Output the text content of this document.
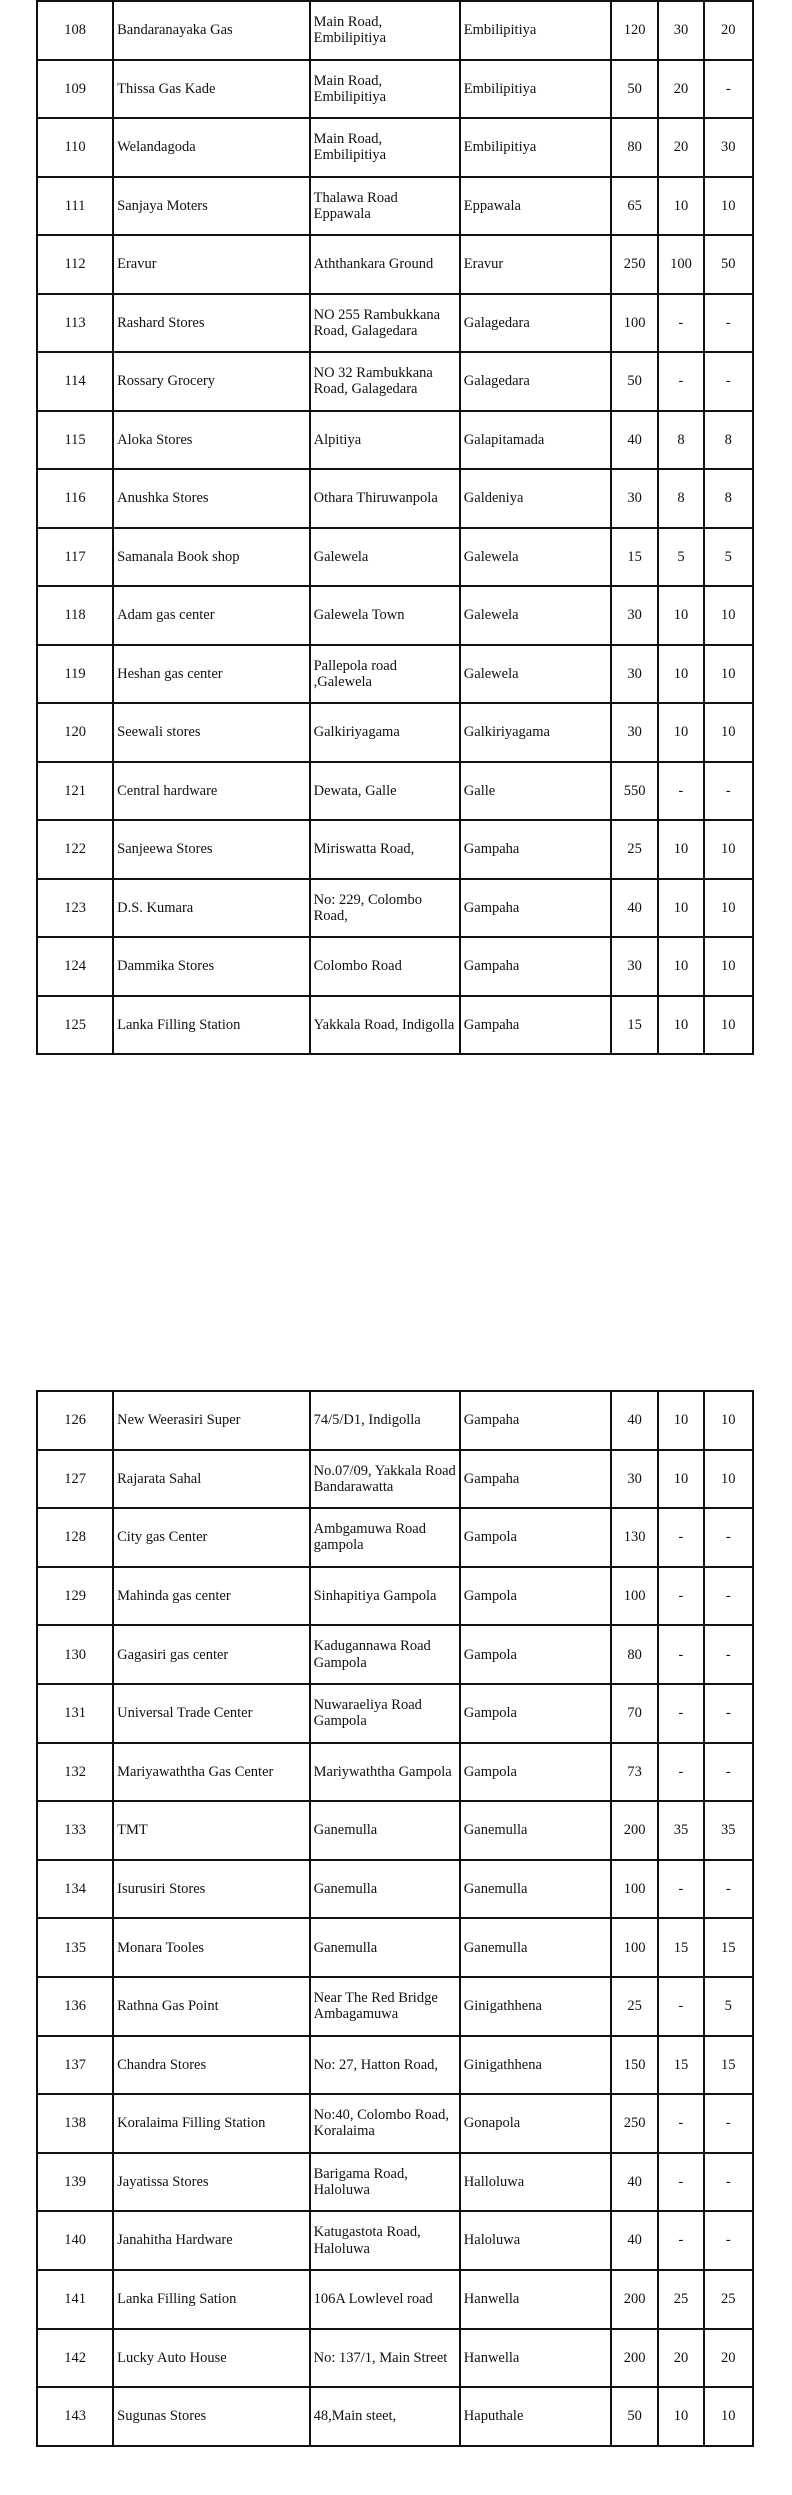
108	Bandaranayaka Gas	Main Road, Embilipitiya	Embilipitiya	120	30	20
109	Thissa Gas Kade	Main Road, Embilipitiya	Embilipitiya	50	20	-
110	Welandagoda	Main Road, Embilipitiya	Embilipitiya	80	20	30
111	Sanjaya Moters	Thalawa Road Eppawala	Eppawala	65	10	10
112	Eravur	Aththankara Ground	Eravur	250	100	50
113	Rashard Stores	NO 255 Rambukkana Road, Galagedara	Galagedara	100	-	-
114	Rossary Grocery	NO 32 Rambukkana Road, Galagedara	Galagedara	50	-	-
115	Aloka Stores	Alpitiya	Galapitamada	40	8	8
116	Anushka Stores	Othara Thiruwanpola	Galdeniya	30	8	8
117	Samanala Book shop	Galewela	Galewela	15	5	5
118	Adam gas center	Galewela Town	Galewela	30	10	10
119	Heshan gas center	Pallepola road ,Galewela	Galewela	30	10	10
120	Seewali stores	Galkiriyagama	Galkiriyagama	30	10	10
121	Central hardware	Dewata, Galle	Galle	550	-	-
122	Sanjeewa Stores	Miriswatta Road,	Gampaha	25	10	10
123	D.S. Kumara	No: 229, Colombo Road,	Gampaha	40	10	10
124	Dammika Stores	Colombo Road	Gampaha	30	10	10
125	Lanka Filling Station	Yakkala Road, Indigolla	Gampaha	15	10	10
126	New Weerasiri Super	74/5/D1, Indigolla	Gampaha	40	10	10
127	Rajarata Sahal	No.07/09, Yakkala Road Bandarawatta	Gampaha	30	10	10
128	City gas Center	Ambgamuwa Road gampola	Gampola	130	-	-
129	Mahinda gas center	Sinhapitiya Gampola	Gampola	100	-	-
130	Gagasiri gas center	Kadugannawa Road Gampola	Gampola	80	-	-
131	Universal Trade Center	Nuwaraeliya Road Gampola	Gampola	70	-	-
132	Mariyawaththa Gas Center	Mariywaththa Gampola	Gampola	73	-	-
133	TMT	Ganemulla	Ganemulla	200	35	35
134	Isurusiri Stores	Ganemulla	Ganemulla	100	-	-
135	Monara Tooles	Ganemulla	Ganemulla	100	15	15
136	Rathna Gas Point	Near The Red Bridge Ambagamuwa	Ginigathhena	25	-	5
137	Chandra Stores	No: 27, Hatton Road,	Ginigathhena	150	15	15
138	Koralaima Filling Station	No:40, Colombo Road, Koralaima	Gonapola	250	-	-
139	Jayatissa Stores	Barigama Road, Haloluwa	Halloluwa	40	-	-
140	Janahitha Hardware	Katugastota Road, Haloluwa	Haloluwa	40	-	-
141	Lanka Filling Sation	106A Lowlevel road	Hanwella	200	25	25
142	Lucky Auto House	No: 137/1, Main Street	Hanwella	200	20	20
143	Sugunas Stores	48,Main steet,	Haputhale	50	10	10
